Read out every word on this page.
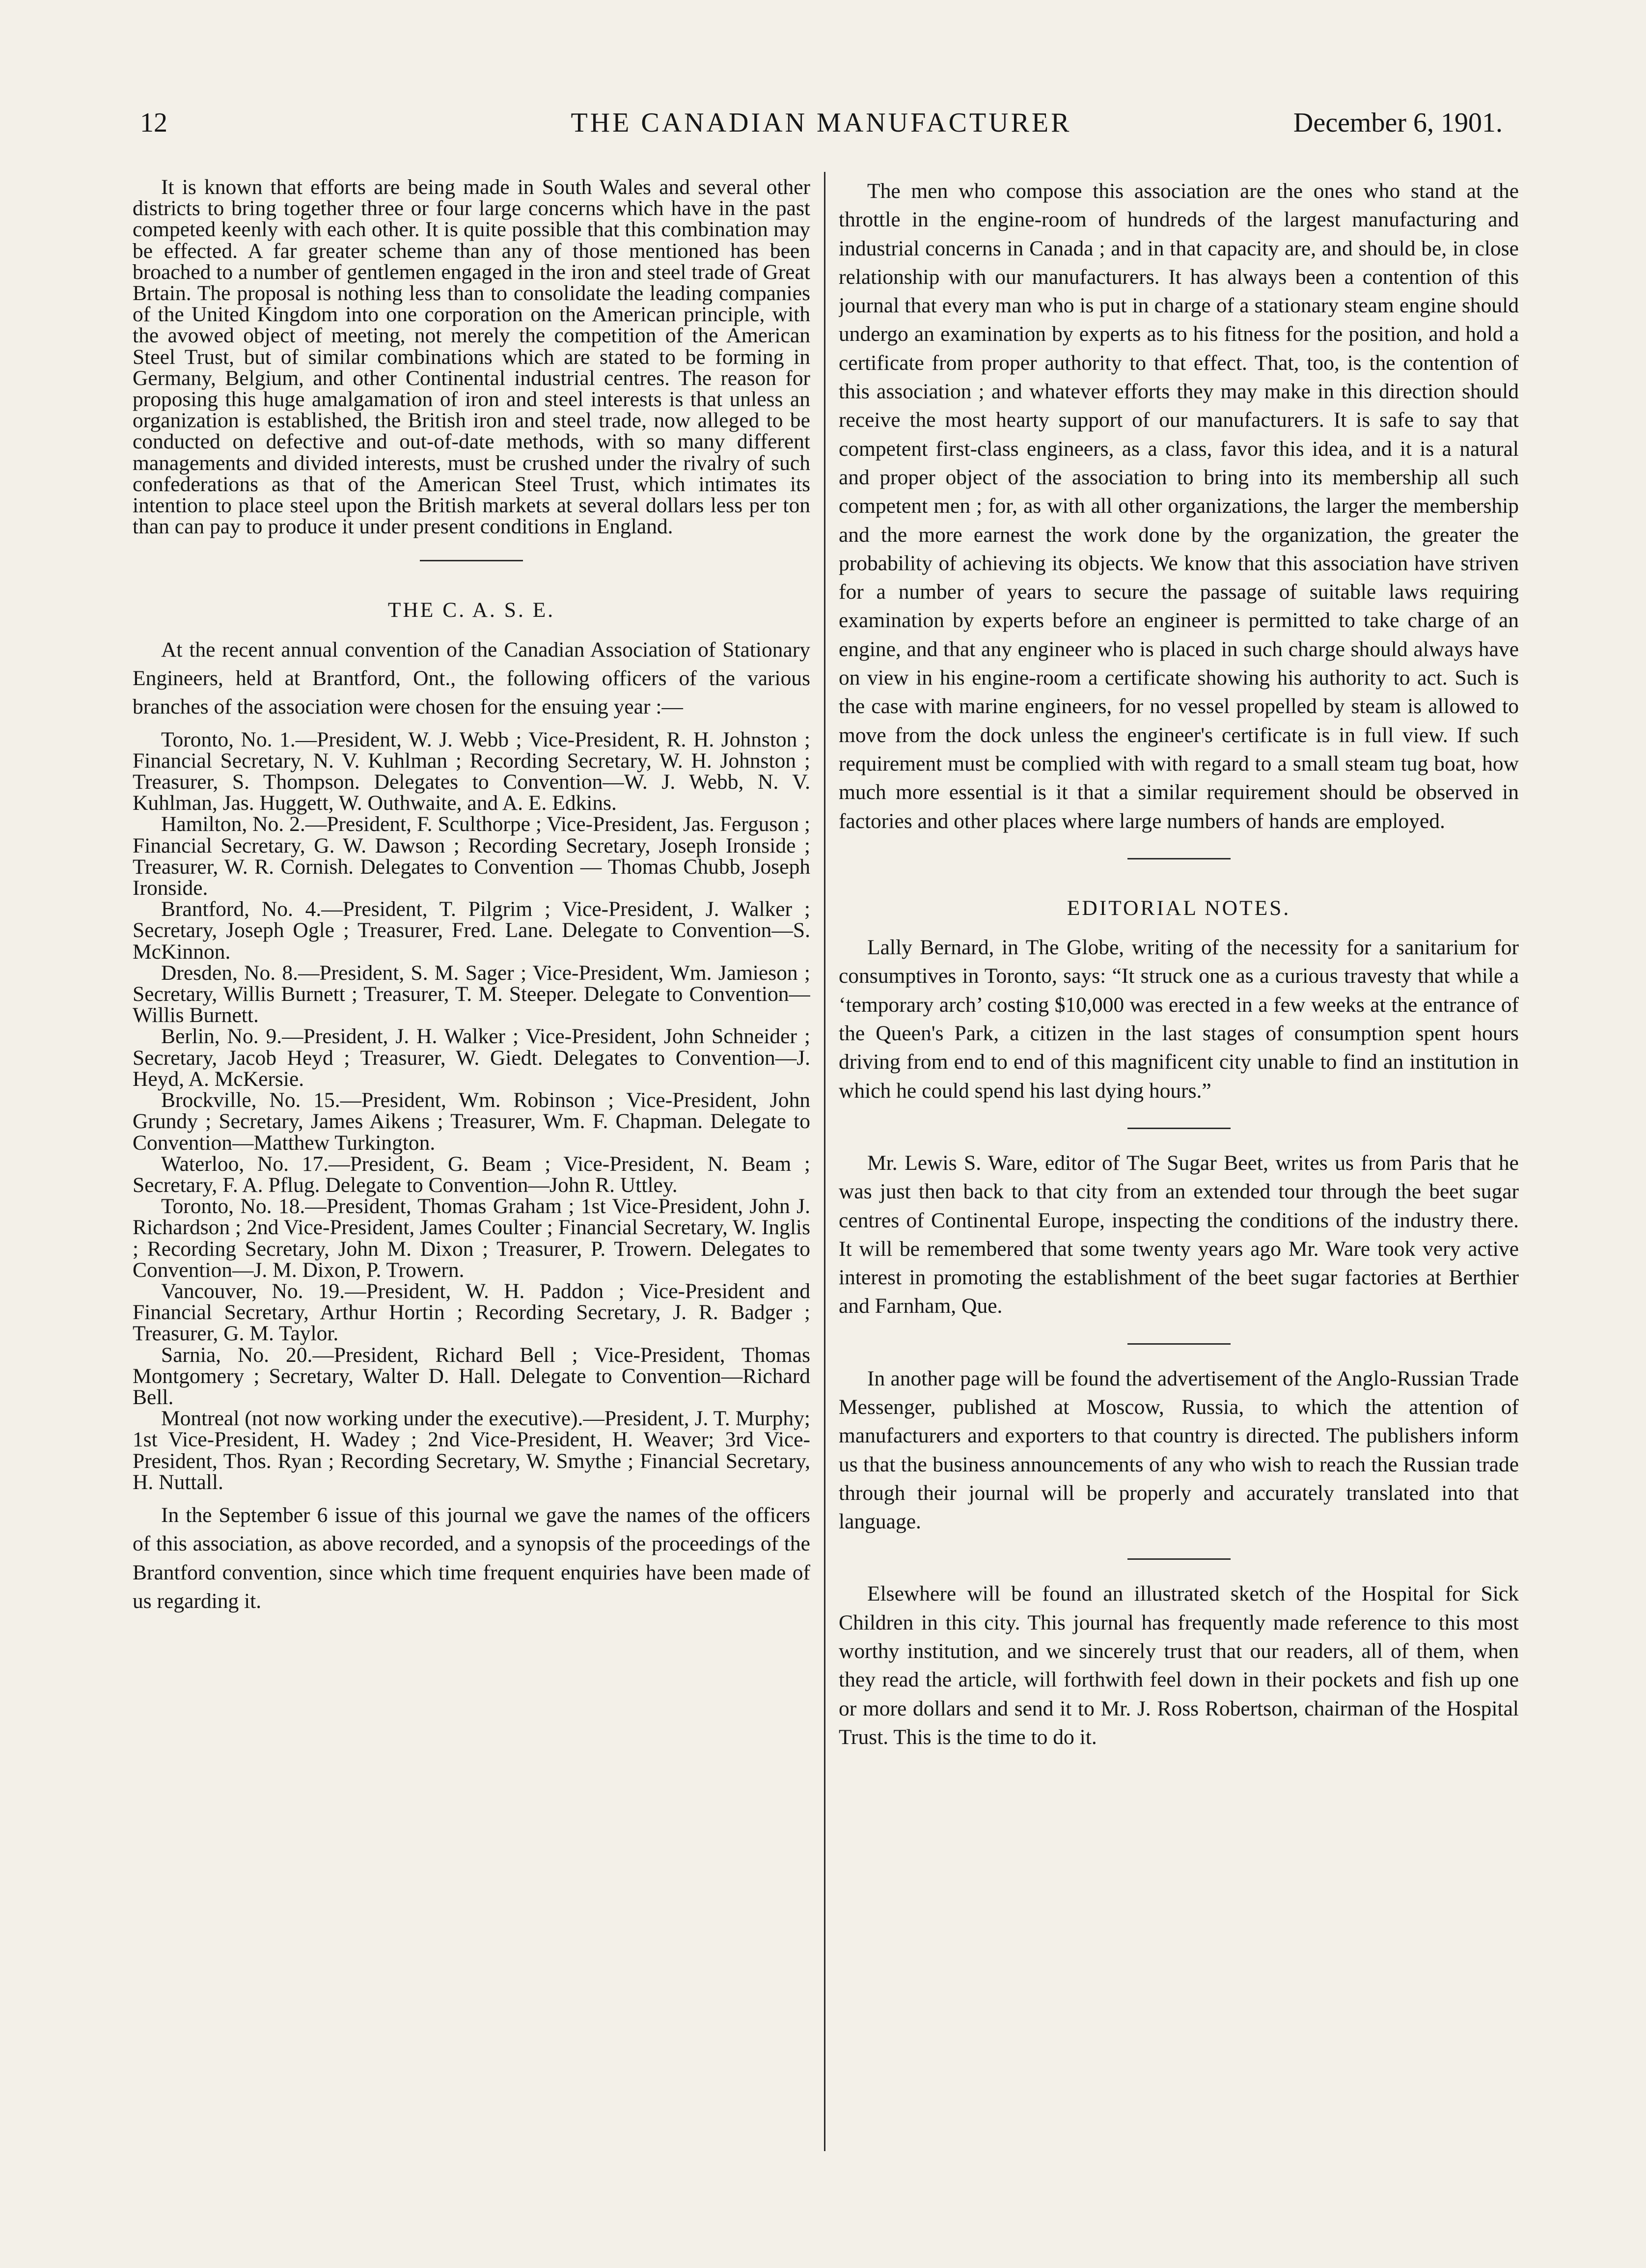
12	THE CANADIAN MANUFACTURER	December 6, 1901.

It is known that efforts are being made in South Wales and several other districts to bring together three or four large concerns which have in the past competed keenly with each other. It is quite possible that this combination may be effected. A far greater scheme than any of those mentioned has been broached to a number of gentlemen engaged in the iron and steel trade of Great Brtain. The proposal is nothing less than to consolidate the leading companies of the United Kingdom into one corporation on the American principle, with the avowed object of meeting, not merely the competition of the American Steel Trust, but of similar combinations which are stated to be forming in Germany, Belgium, and other Continental industrial centres. The reason for proposing this huge amalgamation of iron and steel interests is that unless an organization is established, the British iron and steel trade, now alleged to be conducted on defective and out-of-date methods, with so many different managements and divided interests, must be crushed under the rivalry of such confederations as that of the American Steel Trust, which intimates its intention to place steel upon the British markets at several dollars less per ton than can pay to produce it under present conditions in England.

THE C. A. S. E.

At the recent annual convention of the Canadian Association of Stationary Engineers, held at Brantford, Ont., the following officers of the various branches of the association were chosen for the ensuing year :—

Toronto, No. 1.—President, W. J. Webb ; Vice-President, R. H. Johnston ; Financial Secretary, N. V. Kuhlman ; Recording Secretary, W. H. Johnston ; Treasurer, S. Thompson. Delegates to Convention—W. J. Webb, N. V. Kuhlman, Jas. Huggett, W. Outhwaite, and A. E. Edkins.

Hamilton, No. 2.—President, F. Sculthorpe ; Vice-President, Jas. Ferguson ; Financial Secretary, G. W. Dawson ; Recording Secretary, Joseph Ironside ; Treasurer, W. R. Cornish. Delegates to Convention — Thomas Chubb, Joseph Ironside.

Brantford, No. 4.—President, T. Pilgrim ; Vice-President, J. Walker ; Secretary, Joseph Ogle ; Treasurer, Fred. Lane. Delegate to Convention—S. McKinnon.

Dresden, No. 8.—President, S. M. Sager ; Vice-President, Wm. Jamieson ; Secretary, Willis Burnett ; Treasurer, T. M. Steeper. Delegate to Convention—Willis Burnett.

Berlin, No. 9.—President, J. H. Walker ; Vice-President, John Schneider ; Secretary, Jacob Heyd ; Treasurer, W. Giedt. Delegates to Convention—J. Heyd, A. McKersie.

Brockville, No. 15.—President, Wm. Robinson ; Vice-President, John Grundy ; Secretary, James Aikens ; Treasurer, Wm. F. Chapman. Delegate to Convention—Matthew Turkington.

Waterloo, No. 17.—President, G. Beam ; Vice-President, N. Beam ; Secretary, F. A. Pflug. Delegate to Convention—John R. Uttley.

Toronto, No. 18.—President, Thomas Graham ; 1st Vice-President, John J. Richardson ; 2nd Vice-President, James Coulter ; Financial Secretary, W. Inglis ; Recording Secretary, John M. Dixon ; Treasurer, P. Trowern. Delegates to Convention—J. M. Dixon, P. Trowern.

Vancouver, No. 19.—President, W. H. Paddon ; Vice-President and Financial Secretary, Arthur Hortin ; Recording Secretary, J. R. Badger ; Treasurer, G. M. Taylor.

Sarnia, No. 20.—President, Richard Bell ; Vice-President, Thomas Montgomery ; Secretary, Walter D. Hall. Delegate to Convention—Richard Bell.

Montreal (not now working under the executive).—President, J. T. Murphy; 1st Vice-President, H. Wadey ; 2nd Vice-President, H. Weaver; 3rd Vice-President, Thos. Ryan ; Recording Secretary, W. Smythe ; Financial Secretary, H. Nuttall.

In the September 6 issue of this journal we gave the names of the officers of this association, as above recorded, and a synopsis of the proceedings of the Brantford convention, since which time frequent enquiries have been made of us regarding it.

The men who compose this association are the ones who stand at the throttle in the engine-room of hundreds of the largest manufacturing and industrial concerns in Canada ; and in that capacity are, and should be, in close relationship with our manufacturers. It has always been a contention of this journal that every man who is put in charge of a stationary steam engine should undergo an examination by experts as to his fitness for the position, and hold a certificate from proper authority to that effect. That, too, is the contention of this association ; and whatever efforts they may make in this direction should receive the most hearty support of our manufacturers. It is safe to say that competent first-class engineers, as a class, favor this idea, and it is a natural and proper object of the association to bring into its membership all such competent men ; for, as with all other organizations, the larger the membership and the more earnest the work done by the organization, the greater the probability of achieving its objects. We know that this association have striven for a number of years to secure the passage of suitable laws requiring examination by experts before an engineer is permitted to take charge of an engine, and that any engineer who is placed in such charge should always have on view in his engine-room a certificate showing his authority to act. Such is the case with marine engineers, for no vessel propelled by steam is allowed to move from the dock unless the engineer's certificate is in full view. If such requirement must be complied with with regard to a small steam tug boat, how much more essential is it that a similar requirement should be observed in factories and other places where large numbers of hands are employed.

EDITORIAL NOTES.

Lally Bernard, in The Globe, writing of the necessity for a sanitarium for consumptives in Toronto, says: “It struck one as a curious travesty that while a ‘temporary arch’ costing $10,000 was erected in a few weeks at the entrance of the Queen's Park, a citizen in the last stages of consumption spent hours driving from end to end of this magnificent city unable to find an institution in which he could spend his last dying hours.”

Mr. Lewis S. Ware, editor of The Sugar Beet, writes us from Paris that he was just then back to that city from an extended tour through the beet sugar centres of Continental Europe, inspecting the conditions of the industry there. It will be remembered that some twenty years ago Mr. Ware took very active interest in promoting the establishment of the beet sugar factories at Berthier and Farnham, Que.

In another page will be found the advertisement of the Anglo-Russian Trade Messenger, published at Moscow, Russia, to which the attention of manufacturers and exporters to that country is directed. The publishers inform us that the business announcements of any who wish to reach the Russian trade through their journal will be properly and accurately translated into that language.

Elsewhere will be found an illustrated sketch of the Hospital for Sick Children in this city. This journal has frequently made reference to this most worthy institution, and we sincerely trust that our readers, all of them, when they read the article, will forthwith feel down in their pockets and fish up one or more dollars and send it to Mr. J. Ross Robertson, chairman of the Hospital Trust. This is the time to do it.
